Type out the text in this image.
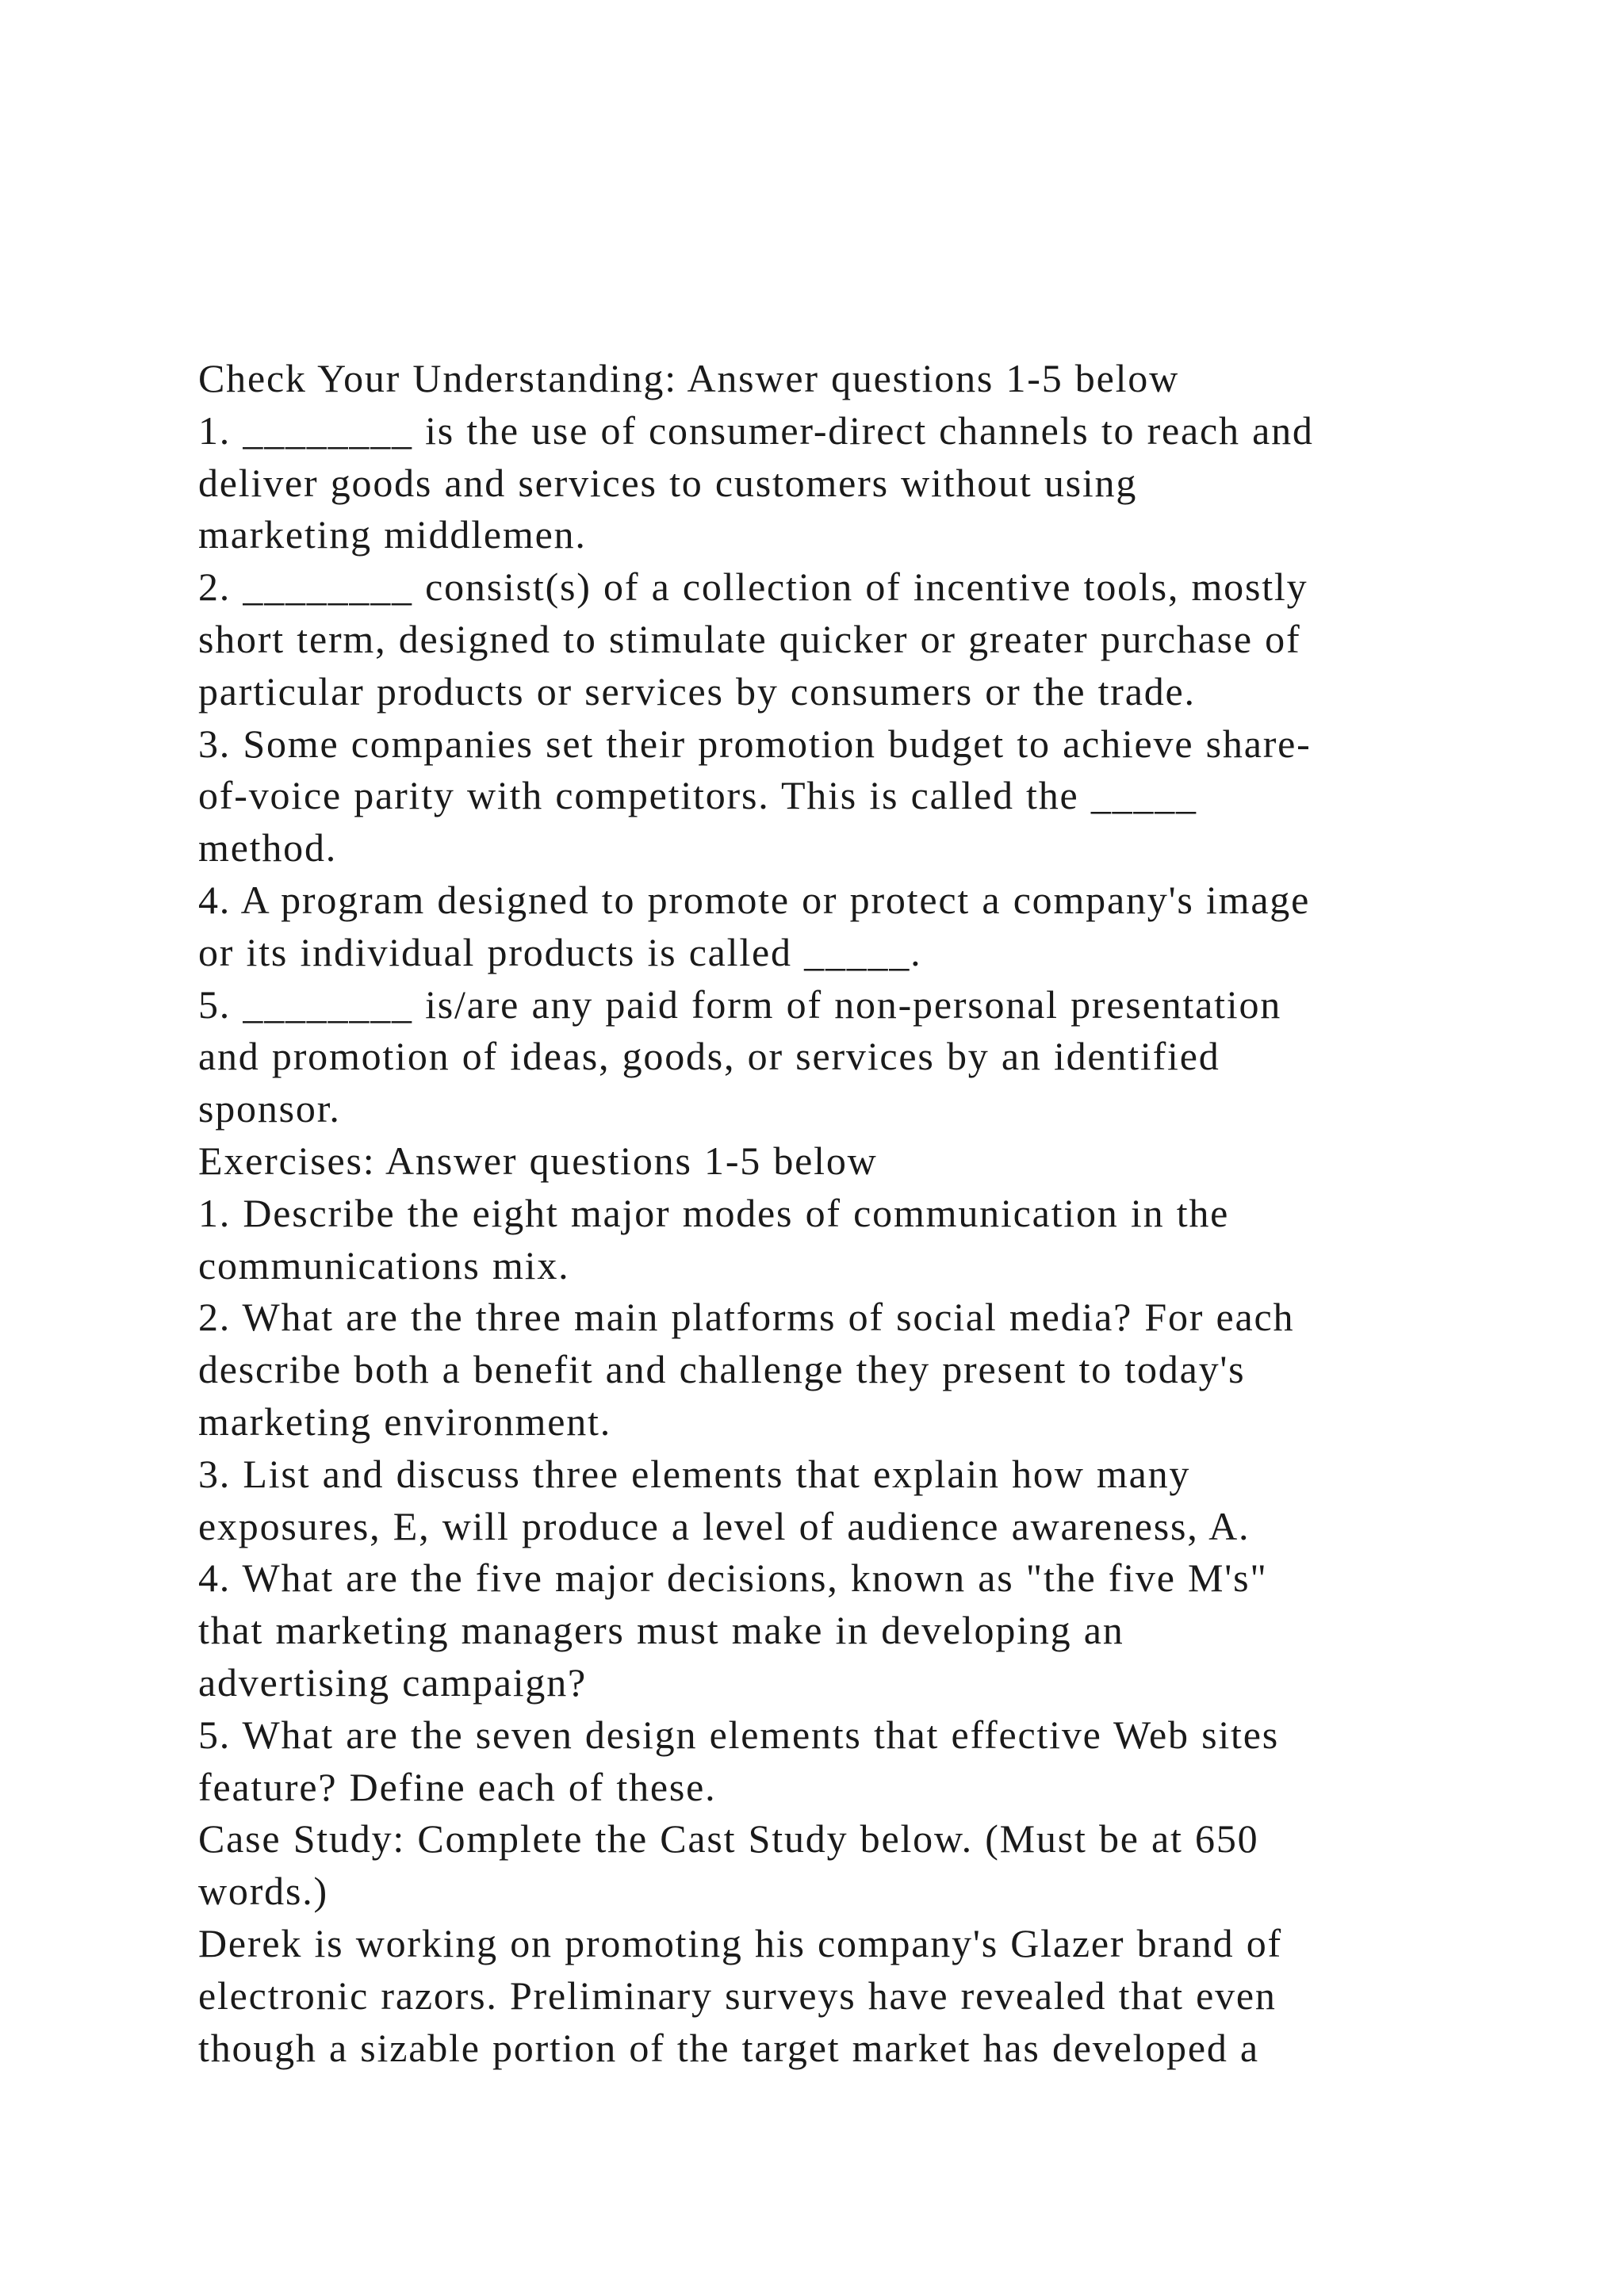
Check Your Understanding: Answer questions 1-5 below
1. ________ is the use of consumer-direct channels to reach and
deliver goods and services to customers without using
marketing middlemen.
2. ________ consist(s) of a collection of incentive tools, mostly
short term, designed to stimulate quicker or greater purchase of
particular products or services by consumers or the trade.
3. Some companies set their promotion budget to achieve share-
of-voice parity with competitors. This is called the _____
method.
4. A program designed to promote or protect a company's image
or its individual products is called _____.
5. ________ is/are any paid form of non-personal presentation
and promotion of ideas, goods, or services by an identified
sponsor.
Exercises: Answer questions 1-5 below
1. Describe the eight major modes of communication in the
communications mix.
2. What are the three main platforms of social media? For each
describe both a benefit and challenge they present to today's
marketing environment.
3. List and discuss three elements that explain how many
exposures, E, will produce a level of audience awareness, A.
4. What are the five major decisions, known as "the five M's"
that marketing managers must make in developing an
advertising campaign?
5. What are the seven design elements that effective Web sites
feature? Define each of these.
Case Study: Complete the Cast Study below. (Must be at 650
words.)
Derek is working on promoting his company's Glazer brand of
electronic razors. Preliminary surveys have revealed that even
though a sizable portion of the target market has developed a
